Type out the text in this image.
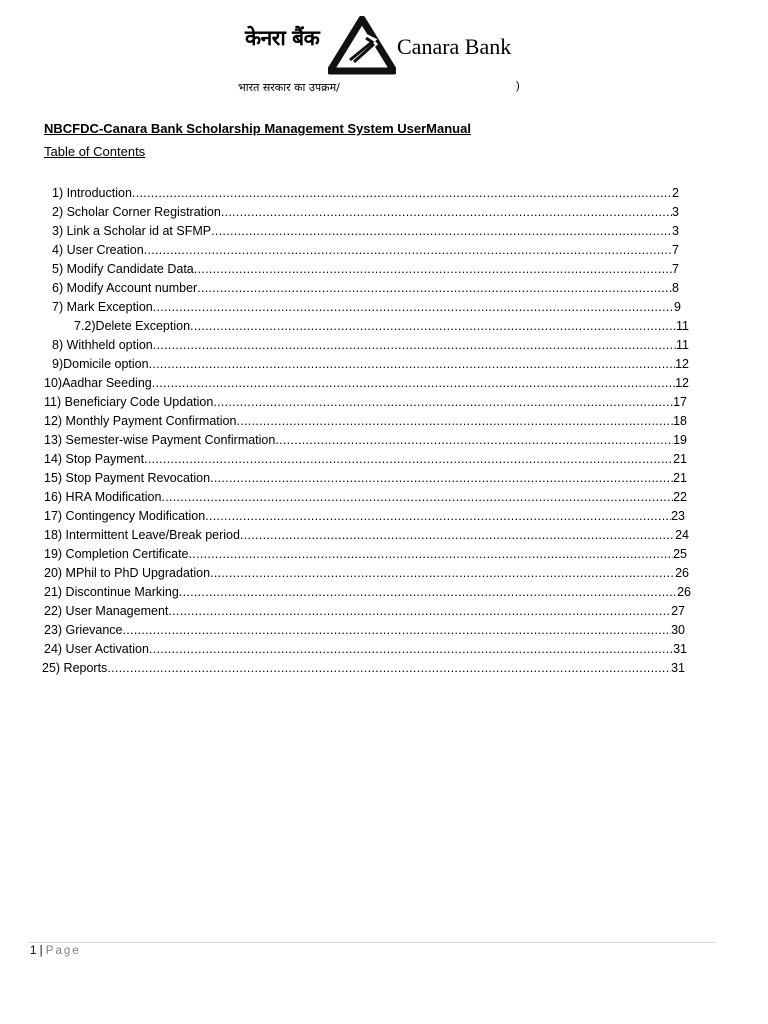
केनरा बैंक	Canara Bank
भारत सरकार का उपक्रम/	)
NBCFDC-Canara Bank Scholarship Management System UserManual
Table of Contents
1) Introduction .....	2
2) Scholar Corner Registration .....	3
3) Link a Scholar id at SFMP .....	3
4) User Creation .....	7
5) Modify Candidate Data .....	7
6) Modify Account number .....	8
7) Mark Exception .....	9
7.2)Delete Exception .....	11
8) Withheld option .....	11
9)Domicile option .....	12
10)Aadhar Seeding .....	12
11) Beneficiary Code Updation .....	17
12) Monthly Payment Confirmation .....	18
13) Semester-wise Payment Confirmation .....	19
14) Stop Payment .....	21
15) Stop Payment Revocation .....	21
16) HRA Modification .....	22
17) Contingency Modification .....	23
18) Intermittent Leave/Break period .....	24
19) Completion Certificate .....	25
20) MPhil to PhD Upgradation .....	26
21) Discontinue Marking .....	26
22) User Management .....	27
23) Grievance .....	30
24) User Activation .....	31
25) Reports .....	31
1 | Page
